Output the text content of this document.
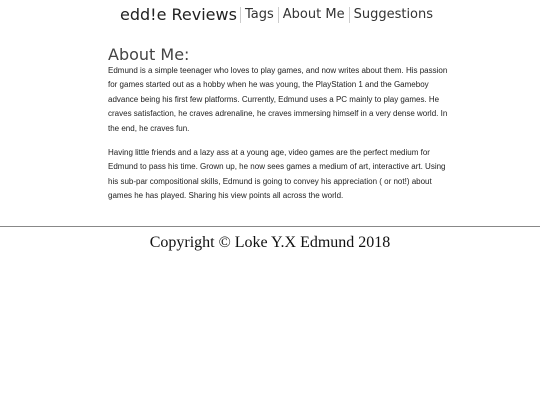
edd!e Reviews Tags About Me Suggestions
About Me:

Edmund is a simple teenager who loves to play games, and now writes about them. His passion for games started out as a hobby when he was young, the PlayStation 1 and the Gameboy advance being his first few platforms. Currently, Edmund uses a PC mainly to play games. He craves satisfaction, he craves adrenaline, he craves immersing himself in a very dense world. In the end, he craves fun.

Having little friends and a lazy ass at a young age, video games are the perfect medium for Edmund to pass his time. Grown up, he now sees games a medium of art, interactive art. Using his sub-par compositional skills, Edmund is going to convey his appreciation ( or not!) about games he has played. Sharing his view points all across the world.

Copyright © Loke Y.X Edmund 2018
